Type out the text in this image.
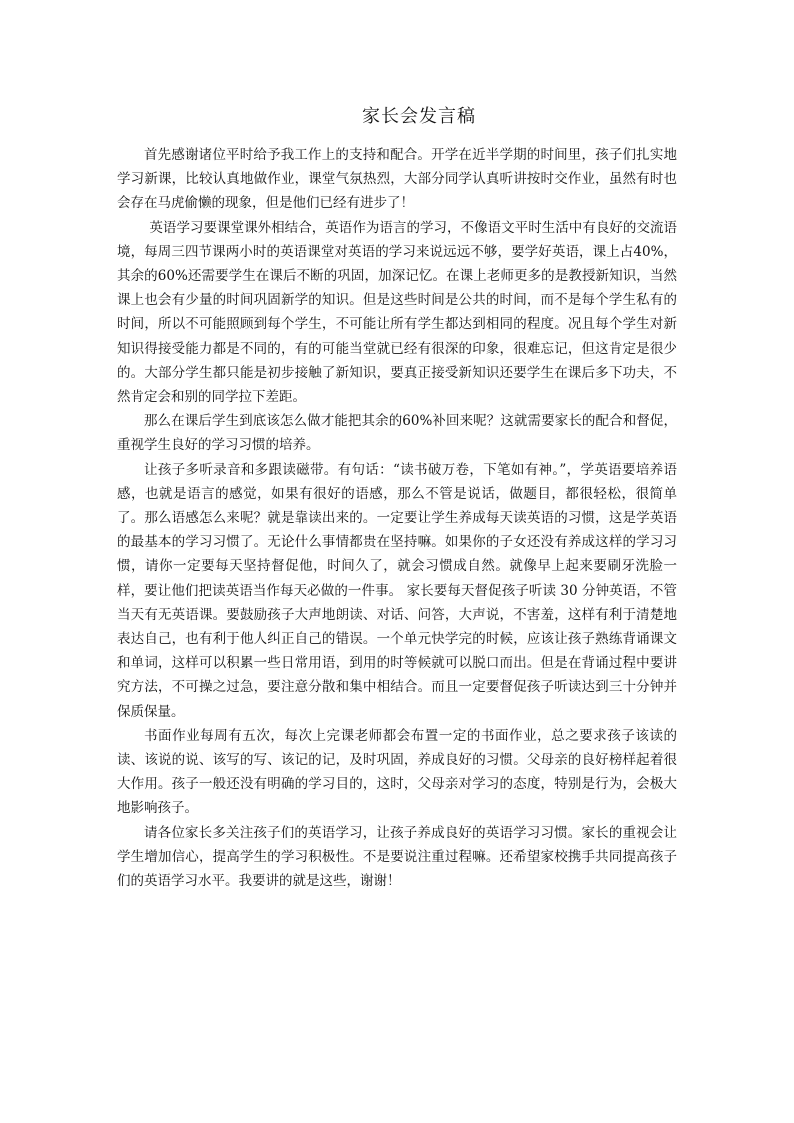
家长会发言稿

首先感谢诸位平时给予我工作上的支持和配合。开学在近半学期的时间里，孩子们扎实地学习新课，比较认真地做作业，课堂气氛热烈，大部分同学认真听讲按时交作业，虽然有时也会存在马虎偷懒的现象，但是他们已经有进步了！

英语学习要课堂课外相结合，英语作为语言的学习，不像语文平时生活中有良好的交流语境，每周三四节课两小时的英语课堂对英语的学习来说远远不够，要学好英语，课上占40%，其余的60%还需要学生在课后不断的巩固，加深记忆。在课上老师更多的是教授新知识，当然课上也会有少量的时间巩固新学的知识。但是这些时间是公共的时间，而不是每个学生私有的时间，所以不可能照顾到每个学生，不可能让所有学生都达到相同的程度。况且每个学生对新知识得接受能力都是不同的，有的可能当堂就已经有很深的印象，很难忘记，但这肯定是很少的。大部分学生都只能是初步接触了新知识，要真正接受新知识还要学生在课后多下功夫，不然肯定会和别的同学拉下差距。

那么在课后学生到底该怎么做才能把其余的60%补回来呢？这就需要家长的配合和督促，重视学生良好的学习习惯的培养。

让孩子多听录音和多跟读磁带。有句话：“读书破万卷，下笔如有神。”，学英语要培养语感，也就是语言的感觉，如果有很好的语感，那么不管是说话，做题目，都很轻松，很简单了。那么语感怎么来呢？就是靠读出来的。一定要让学生养成每天读英语的习惯，这是学英语的最基本的学习习惯了。无论什么事情都贵在坚持嘛。如果你的子女还没有养成这样的学习习惯，请你一定要每天坚持督促他，时间久了，就会习惯成自然。就像早上起来要刷牙洗脸一样，要让他们把读英语当作每天必做的一件事。 家长要每天督促孩子听读 30 分钟英语，不管当天有无英语课。要鼓励孩子大声地朗读、对话、问答，大声说，不害羞，这样有利于清楚地表达自己，也有利于他人纠正自己的错误。一个单元快学完的时候，应该让孩子熟练背诵课文和单词，这样可以积累一些日常用语，到用的时等候就可以脱口而出。但是在背诵过程中要讲究方法，不可操之过急，要注意分散和集中相结合。而且一定要督促孩子听读达到三十分钟并保质保量。

书面作业每周有五次，每次上完课老师都会布置一定的书面作业，总之要求孩子该读的读、该说的说、该写的写、该记的记，及时巩固，养成良好的习惯。父母亲的良好榜样起着很大作用。孩子一般还没有明确的学习目的，这时，父母亲对学习的态度，特别是行为，会极大地影响孩子。

请各位家长多关注孩子们的英语学习，让孩子养成良好的英语学习习惯。家长的重视会让学生增加信心，提高学生的学习积极性。不是要说注重过程嘛。还希望家校携手共同提高孩子们的英语学习水平。我要讲的就是这些，谢谢！
